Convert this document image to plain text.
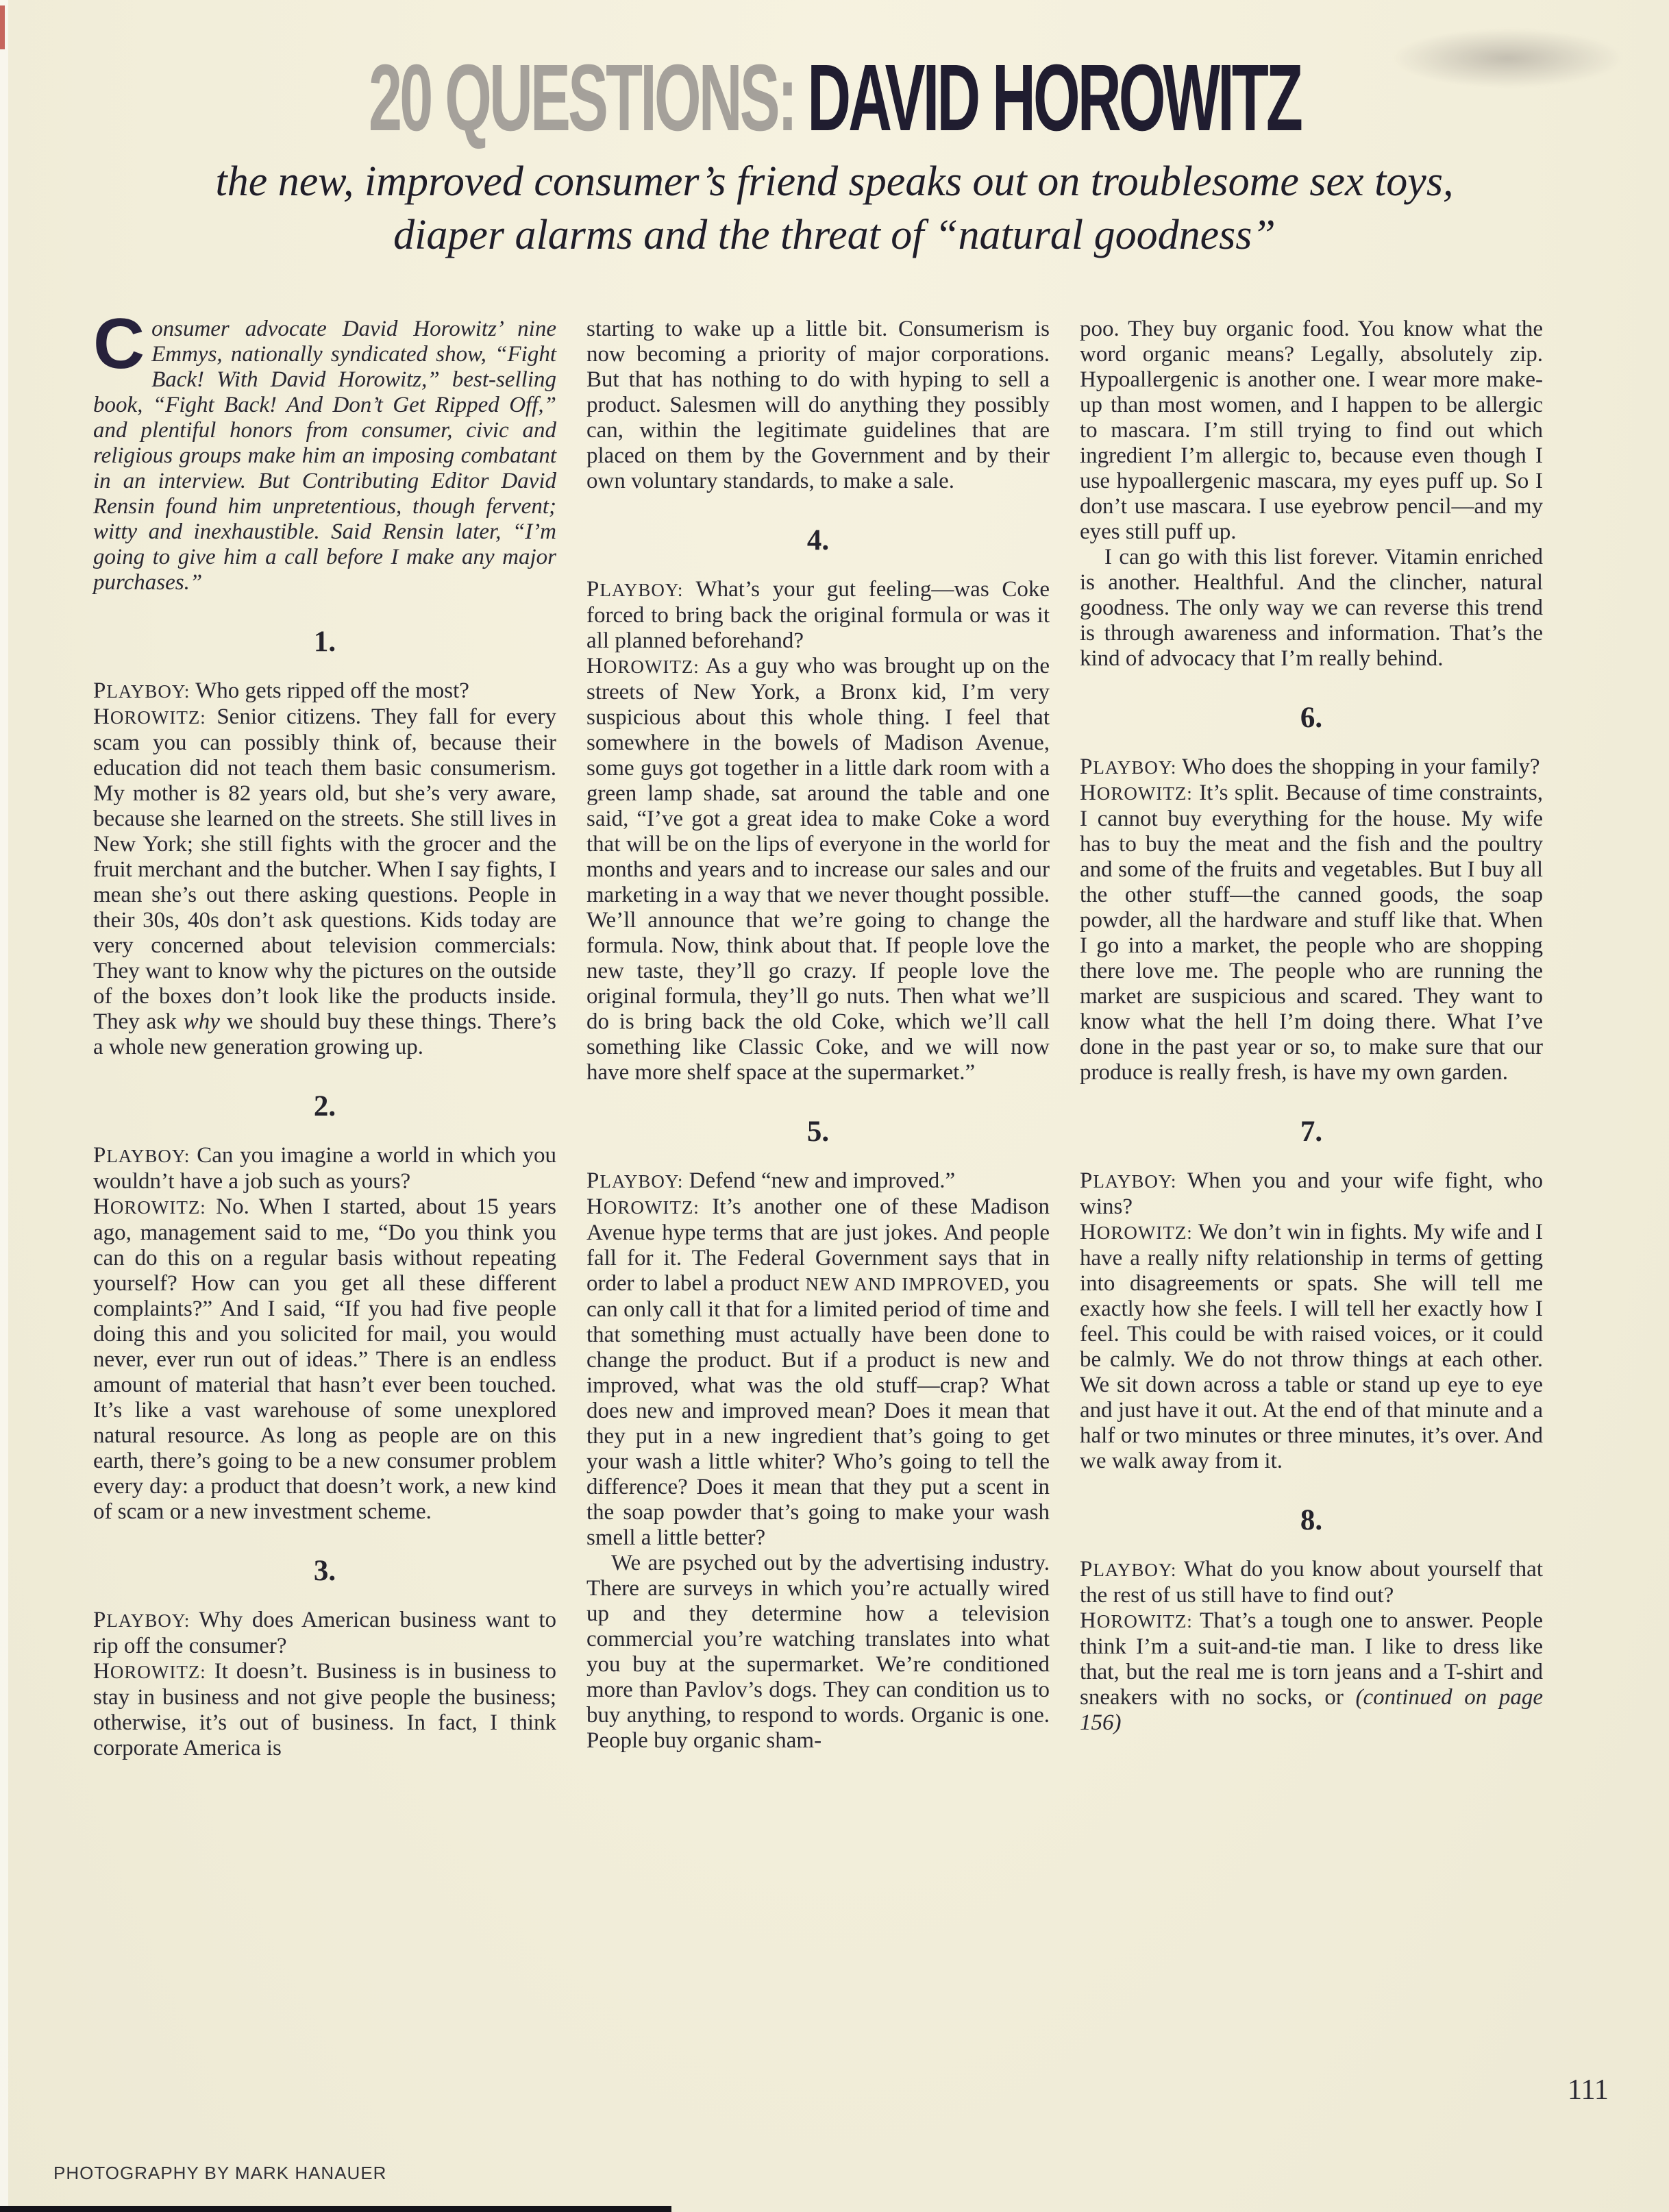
20 QUESTIONS: DAVID HOROWITZ

the new, improved consumer’s friend speaks out on troublesome sex toys,
diaper alarms and the threat of “natural goodness”

Consumer advocate David Horowitz’ nine Emmys, nationally syndicated show, “Fight Back! With David Horowitz,” best-selling book, “Fight Back! And Don’t Get Ripped Off,” and plentiful honors from consumer, civic and religious groups make him an imposing combatant in an interview. But Contributing Editor David Rensin found him unpretentious, though fervent; witty and inexhaustible. Said Rensin later, “I’m going to give him a call before I make any major purchases.”

1.

PLAYBOY: Who gets ripped off the most?

HOROWITZ: Senior citizens. They fall for every scam you can possibly think of, because their education did not teach them basic consumerism. My mother is 82 years old, but she’s very aware, because she learned on the streets. She still lives in New York; she still fights with the grocer and the fruit merchant and the butcher. When I say fights, I mean she’s out there asking questions. People in their 30s, 40s don’t ask questions. Kids today are very concerned about television commercials: They want to know why the pictures on the outside of the boxes don’t look like the products inside. They ask why we should buy these things. There’s a whole new generation growing up.

2.

PLAYBOY: Can you imagine a world in which you wouldn’t have a job such as yours?

HOROWITZ: No. When I started, about 15 years ago, management said to me, “Do you think you can do this on a regular basis without repeating yourself? How can you get all these different complaints?” And I said, “If you had five people doing this and you solicited for mail, you would never, ever run out of ideas.” There is an endless amount of material that hasn’t ever been touched. It’s like a vast warehouse of some unexplored natural resource. As long as people are on this earth, there’s going to be a new consumer problem every day: a product that doesn’t work, a new kind of scam or a new investment scheme.

3.

PLAYBOY: Why does American business want to rip off the consumer?

HOROWITZ: It doesn’t. Business is in business to stay in business and not give people the business; otherwise, it’s out of business. In fact, I think corporate America is

starting to wake up a little bit. Consumerism is now becoming a priority of major corporations. But that has nothing to do with hyping to sell a product. Salesmen will do anything they possibly can, within the legitimate guidelines that are placed on them by the Government and by their own voluntary standards, to make a sale.

4.

PLAYBOY: What’s your gut feeling—was Coke forced to bring back the original formula or was it all planned beforehand?

HOROWITZ: As a guy who was brought up on the streets of New York, a Bronx kid, I’m very suspicious about this whole thing. I feel that somewhere in the bowels of Madison Avenue, some guys got together in a little dark room with a green lamp shade, sat around the table and one said, “I’ve got a great idea to make Coke a word that will be on the lips of everyone in the world for months and years and to increase our sales and our marketing in a way that we never thought possible. We’ll announce that we’re going to change the formula. Now, think about that. If people love the new taste, they’ll go crazy. If people love the original formula, they’ll go nuts. Then what we’ll do is bring back the old Coke, which we’ll call something like Classic Coke, and we will now have more shelf space at the supermarket.”

5.

PLAYBOY: Defend “new and improved.”

HOROWITZ: It’s another one of these Madison Avenue hype terms that are just jokes. And people fall for it. The Federal Government says that in order to label a product NEW AND IMPROVED, you can only call it that for a limited period of time and that something must actually have been done to change the product. But if a product is new and improved, what was the old stuff—crap? What does new and improved mean? Does it mean that they put in a new ingredient that’s going to get your wash a little whiter? Who’s going to tell the difference? Does it mean that they put a scent in the soap powder that’s going to make your wash smell a little better?

We are psyched out by the advertising industry. There are surveys in which you’re actually wired up and they determine how a television commercial you’re watching translates into what you buy at the supermarket. We’re conditioned more than Pavlov’s dogs. They can condition us to buy anything, to respond to words. Organic is one. People buy organic sham-

poo. They buy organic food. You know what the word organic means? Legally, absolutely zip. Hypoallergenic is another one. I wear more make-up than most women, and I happen to be allergic to mascara. I’m still trying to find out which ingredient I’m allergic to, because even though I use hypoallergenic mascara, my eyes puff up. So I don’t use mascara. I use eyebrow pencil—and my eyes still puff up.

I can go with this list forever. Vitamin enriched is another. Healthful. And the clincher, natural goodness. The only way we can reverse this trend is through awareness and information. That’s the kind of advocacy that I’m really behind.

6.

PLAYBOY: Who does the shopping in your family?

HOROWITZ: It’s split. Because of time constraints, I cannot buy everything for the house. My wife has to buy the meat and the fish and the poultry and some of the fruits and vegetables. But I buy all the other stuff—the canned goods, the soap powder, all the hardware and stuff like that. When I go into a market, the people who are shopping there love me. The people who are running the market are suspicious and scared. They want to know what the hell I’m doing there. What I’ve done in the past year or so, to make sure that our produce is really fresh, is have my own garden.

7.

PLAYBOY: When you and your wife fight, who wins?

HOROWITZ: We don’t win in fights. My wife and I have a really nifty relationship in terms of getting into disagreements or spats. She will tell me exactly how she feels. I will tell her exactly how I feel. This could be with raised voices, or it could be calmly. We do not throw things at each other. We sit down across a table or stand up eye to eye and just have it out. At the end of that minute and a half or two minutes or three minutes, it’s over. And we walk away from it.

8.

PLAYBOY: What do you know about yourself that the rest of us still have to find out?

HOROWITZ: That’s a tough one to answer. People think I’m a suit-and-tie man. I like to dress like that, but the real me is torn jeans and a T-shirt and sneakers with no socks, or (continued on page 156)

PHOTOGRAPHY BY MARK HANAUER
111
